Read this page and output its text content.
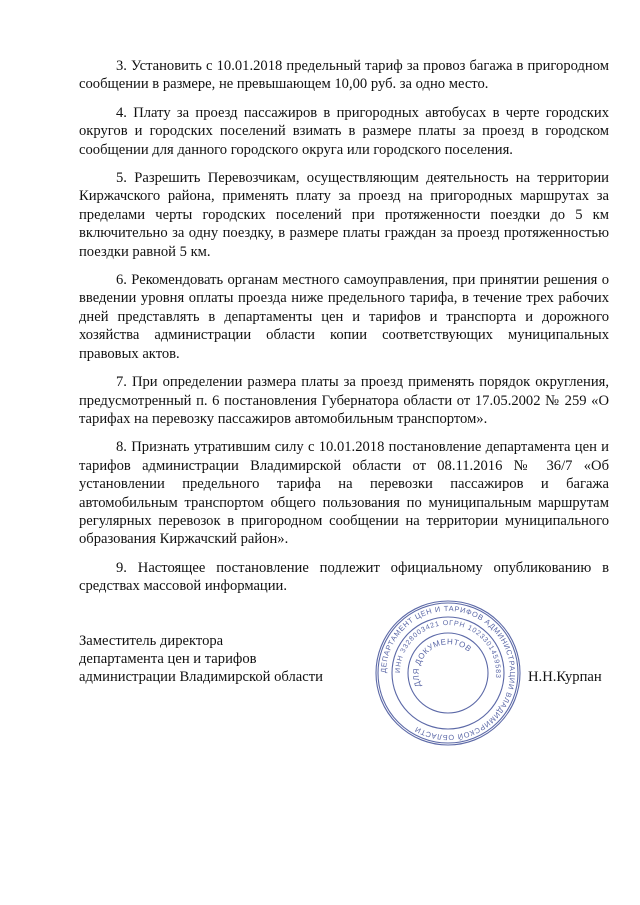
3. Установить с 10.01.2018 предельный тариф за провоз багажа в пригородном сообщении в размере, не превышающем 10,00 руб. за одно место.

4. Плату за проезд пассажиров в пригородных автобусах в черте городских округов и городских поселений взимать в размере платы за проезд в городском сообщении для данного городского округа или городского поселения.

5. Разрешить Перевозчикам, осуществляющим деятельность на территории Киржачского района, применять плату за проезд на пригородных маршрутах за пределами черты городских поселений при протяженности поездки до 5 км включительно за одну поездку, в размере платы граждан за проезд протяженностью поездки равной 5 км.

6. Рекомендовать органам местного самоуправления, при принятии решения о введении уровня оплаты проезда ниже предельного тарифа, в течение трех рабочих дней представлять в департаменты цен и тарифов и транспорта и дорожного хозяйства администрации области копии соответствующих муниципальных правовых актов.

7. При определении размера платы за проезд применять порядок округления, предусмотренный п. 6 постановления Губернатора области от 17.05.2002 № 259 «О тарифах на перевозку пассажиров автомобильным транспортом».

8. Признать утратившим силу с 10.01.2018 постановление департамента цен и тарифов администрации Владимирской области от 08.11.2016 № 36/7 «Об установлении предельного тарифа на перевозки пассажиров и багажа автомобильным транспортом общего пользования по муниципальным маршрутам регулярных перевозок в пригородном сообщении на территории муниципального образования Киржачский район».

9. Настоящее постановление подлежит официальному опубликованию в средствах массовой информации.

ДЕПАРТАМЕНТ ЦЕН И ТАРИФОВ АДМИНИСТРАЦИИ ВЛАДИМИРСКОЙ ОБЛАСТИ
ИНН 3328003421 ОГРН 1023301459583
ДЛЯ ДОКУМЕНТОВ
Заместитель директора
департамента цен и тарифов
администрации Владимирской области	Н.Н.Курпан
